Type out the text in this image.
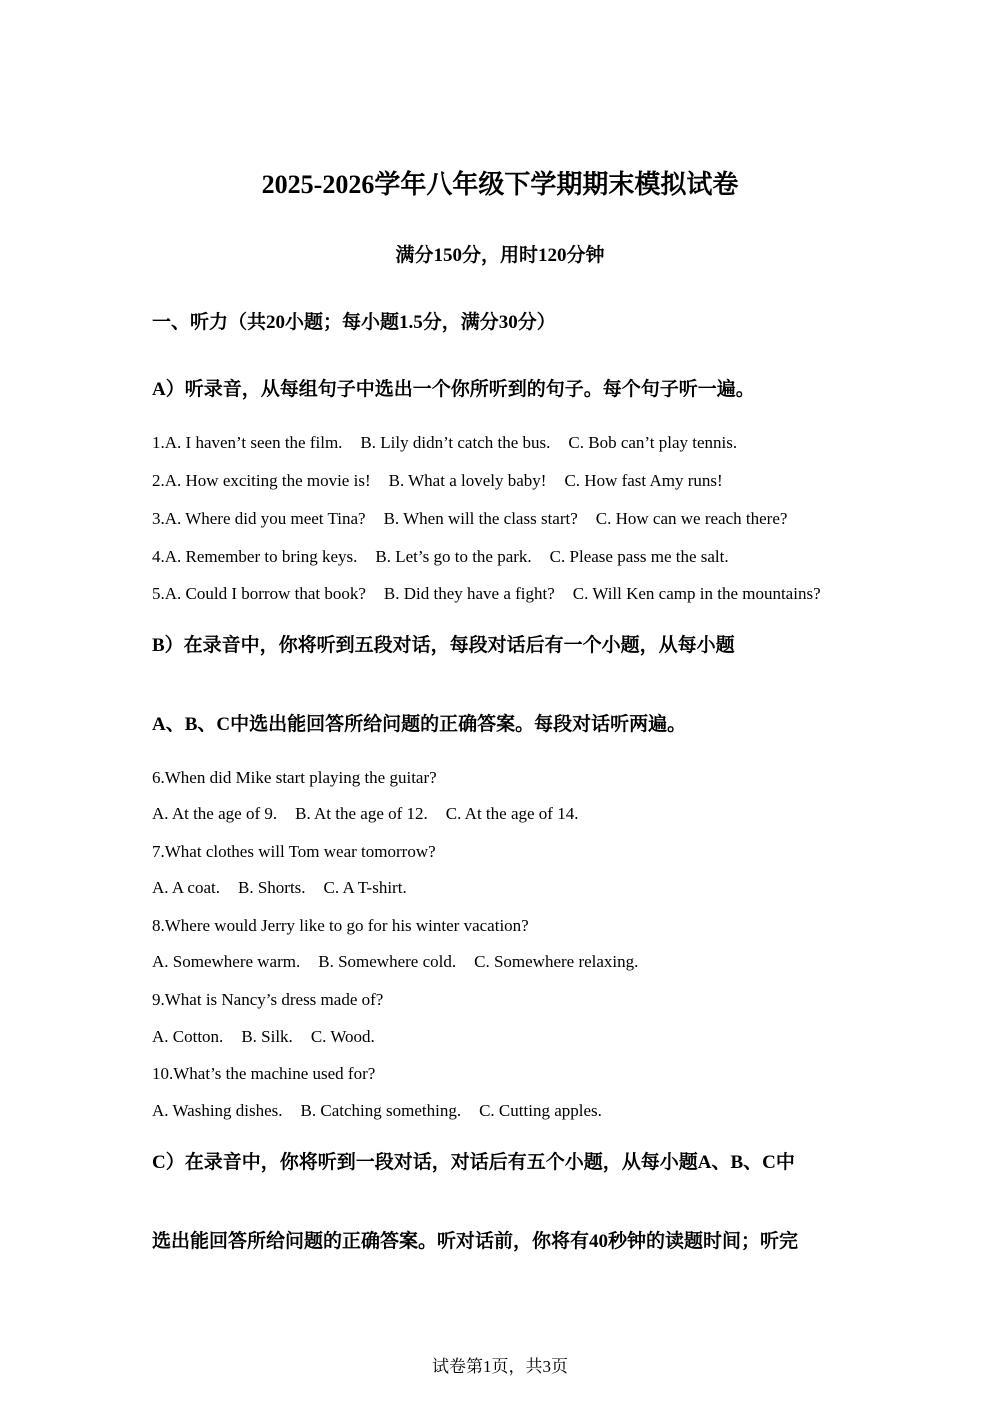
2025-2026学年八年级下学期期末模拟试卷
满分150分，用时120分钟
一、听力（共20小题；每小题1.5分，满分30分）
A）听录音，从每组句子中选出一个你所听到的句子。每个句子听一遍。
1.A. I haven’t seen the film. B. Lily didn’t catch the bus. C. Bob can’t play tennis.
2.A. How exciting the movie is! B. What a lovely baby! C. How fast Amy runs!
3.A. Where did you meet Tina? B. When will the class start? C. How can we reach there?
4.A. Remember to bring keys. B. Let’s go to the park. C. Please pass me the salt.
5.A. Could I borrow that book? B. Did they have a fight? C. Will Ken camp in the mountains?
B）在录音中，你将听到五段对话，每段对话后有一个小题，从每小题
A、B、C中选出能回答所给问题的正确答案。每段对话听两遍。
6.When did Mike start playing the guitar?
A. At the age of 9. B. At the age of 12. C. At the age of 14.
7.What clothes will Tom wear tomorrow?
A. A coat. B. Shorts. C. A T-shirt.
8.Where would Jerry like to go for his winter vacation?
A. Somewhere warm. B. Somewhere cold. C. Somewhere relaxing.
9.What is Nancy’s dress made of?
A. Cotton. B. Silk. C. Wood.
10.What’s the machine used for?
A. Washing dishes. B. Catching something. C. Cutting apples.
C）在录音中，你将听到一段对话，对话后有五个小题，从每小题A、B、C中
选出能回答所给问题的正确答案。听对话前，你将有40秒钟的读题时间；听完
试卷第1页，共3页
